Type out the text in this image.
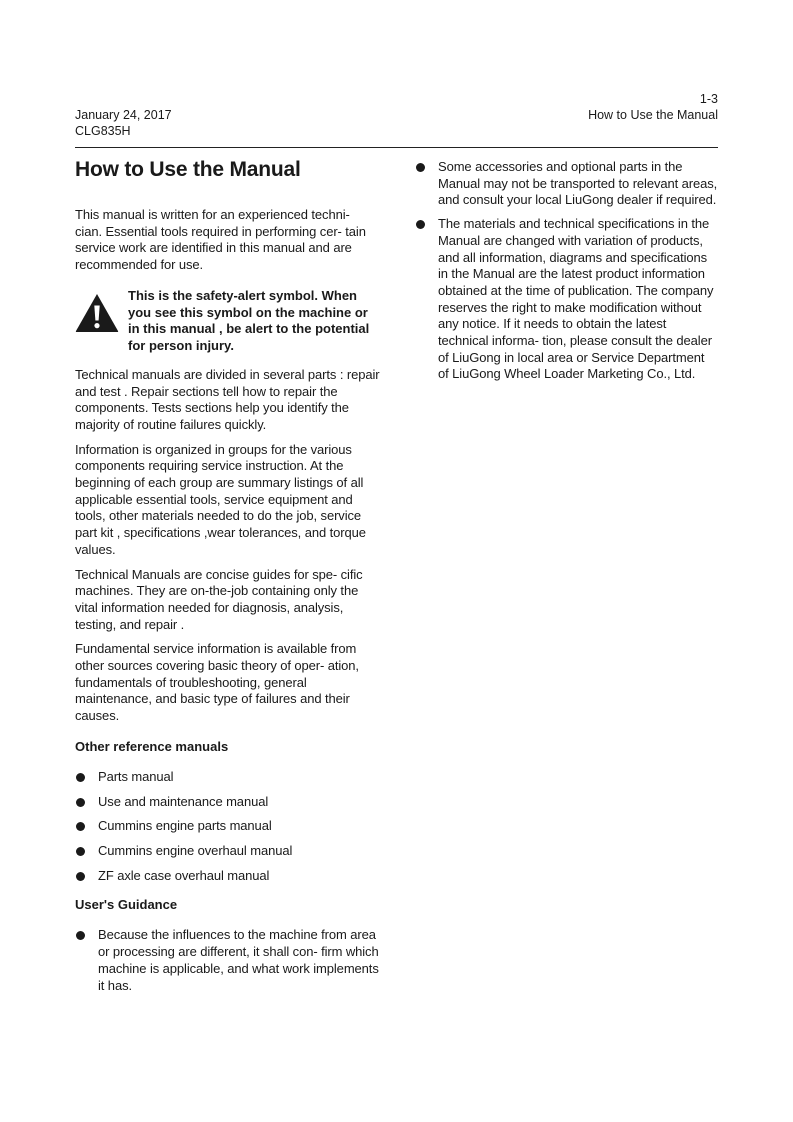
1-3
How to Use the Manual
January 24, 2017
CLG835H
How to Use the Manual

This manual is written for an experienced techni- cian. Essential tools required in performing cer- tain service work are identified in this manual and are recommended for use.

This is the safety-alert symbol. When you see this symbol on the machine or in this manual , be alert to the potential for person injury.

Technical manuals are divided in several parts : repair and test . Repair sections tell how to repair the components. Tests sections help you identify the majority of routine failures quickly.

Information is organized in groups for the various components requiring service instruction. At the beginning of each group are summary listings of all applicable essential tools, service equipment and tools, other materials needed to do the job, service part kit , specifications ,wear tolerances, and torque values.

Technical Manuals are concise guides for spe- cific machines. They are on-the-job containing only the vital information needed for diagnosis, analysis, testing, and repair .

Fundamental service information is available from other sources covering basic theory of oper- ation, fundamentals of troubleshooting, general maintenance, and basic type of failures and their causes.

Other reference manuals
Parts manual
Use and maintenance manual
Cummins engine parts manual
Cummins engine overhaul manual
ZF axle case overhaul manual
User's Guidance
Because the influences to the machine from area or processing are different, it shall con- firm which machine is applicable, and what work implements it has.
Some accessories and optional parts in the Manual may not be transported to relevant areas, and consult your local LiuGong dealer if required.
The materials and technical specifications in the Manual are changed with variation of products, and all information, diagrams and specifications in the Manual are the latest product information obtained at the time of publication. The company reserves the right to make modification without any notice. If it needs to obtain the latest technical informa- tion, please consult the dealer of LiuGong in local area or Service Department of LiuGong Wheel Loader Marketing Co., Ltd.
